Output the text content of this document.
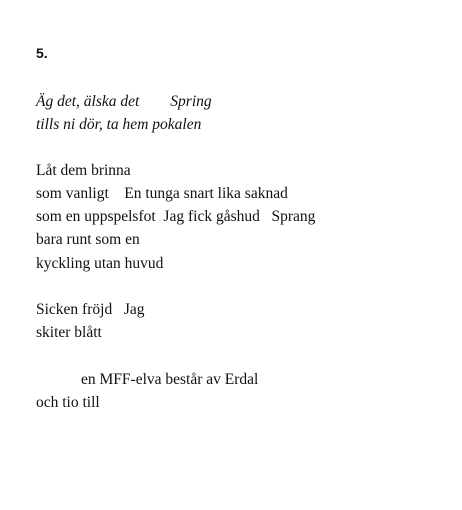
5.
Äg det, älska det        Spring
tills ni dör, ta hem pokalen
Låt dem brinna
som vanligt    En tunga snart lika saknad
som en uppspelsfot  Jag fick gåshud   Sprang
bara runt som en
kyckling utan huvud
Sicken fröjd   Jag
skiter blått
en MFF-elva består av Erdal
och tio till
